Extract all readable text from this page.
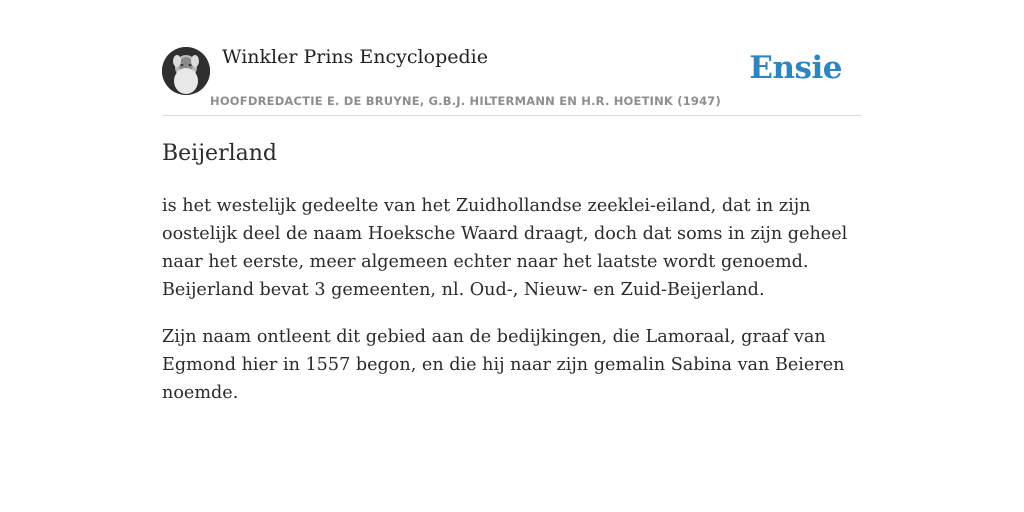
Winkler Prins Encyclopedie
HOOFDREDACTIE E. DE BRUYNE, G.B.J. HILTERMANN EN H.R. HOETINK (1947)
Ensie
Beijerland

is het westelijk gedeelte van het Zuidhollandse zeeklei-eiland, dat in zijn oostelijk deel de naam Hoeksche Waard draagt, doch dat soms in zijn geheel naar het eerste, meer algemeen echter naar het laatste wordt genoemd. Beijerland bevat 3 gemeenten, nl. Oud-, Nieuw- en Zuid-Beijerland.

Zijn naam ontleent dit gebied aan de bedijkingen, die Lamoraal, graaf van Egmond hier in 1557 begon, en die hij naar zijn gemalin Sabina van Beieren noemde.
